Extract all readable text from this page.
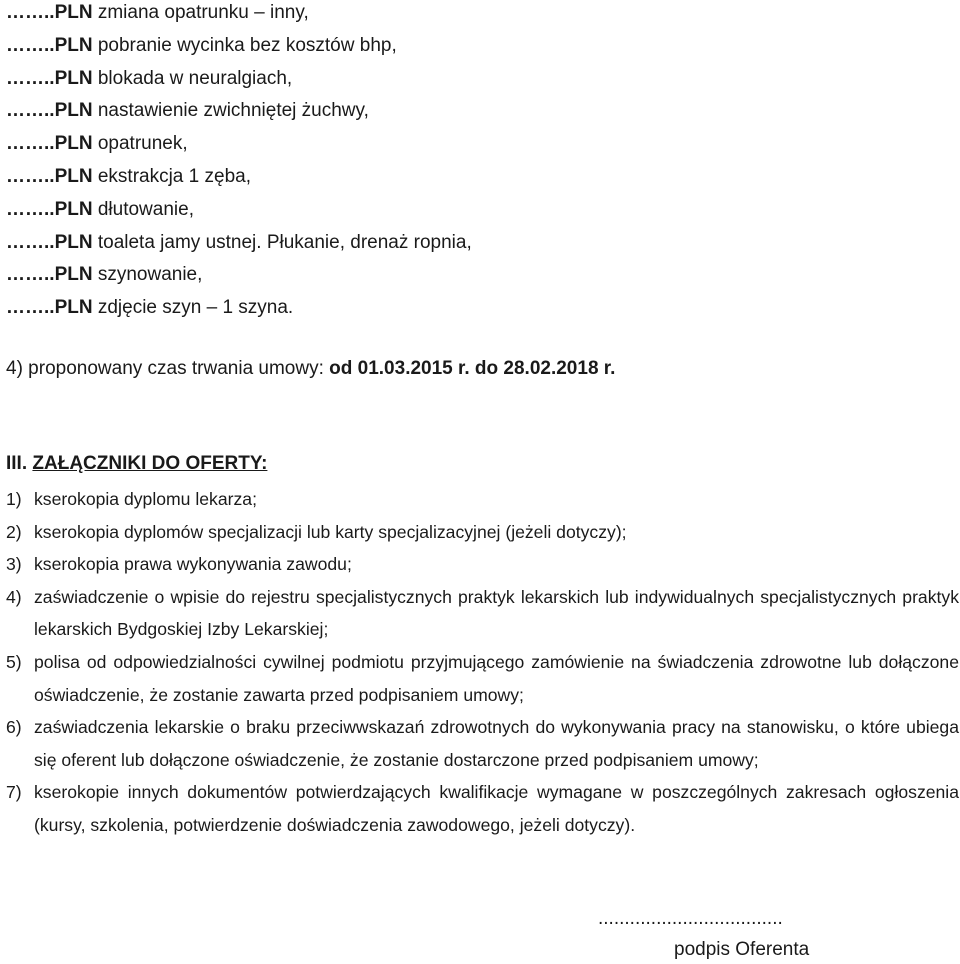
……..PLN zmiana opatrunku – inny,
……..PLN pobranie wycinka bez kosztów bhp,
……..PLN blokada w neuralgiach,
……..PLN nastawienie zwichniętej żuchwy,
……..PLN opatrunek,
……..PLN ekstrakcja 1 zęba,
……..PLN dłutowanie,
……..PLN toaleta jamy ustnej. Płukanie, drenaż ropnia,
……..PLN szynowanie,
……..PLN zdjęcie szyn – 1 szyna.
4) proponowany czas trwania umowy: od 01.03.2015 r. do 28.02.2018 r.
III. ZAŁĄCZNIKI DO OFERTY:
1) kserokopia dyplomu lekarza;
2) kserokopia dyplomów specjalizacji lub karty specjalizacyjnej (jeżeli dotyczy);
3) kserokopia prawa wykonywania zawodu;
4) zaświadczenie o wpisie do rejestru specjalistycznych praktyk lekarskich lub indywidualnych specjalistycznych praktyk lekarskich Bydgoskiej Izby Lekarskiej;
5) polisa od odpowiedzialności cywilnej podmiotu przyjmującego zamówienie na świadczenia zdrowotne lub dołączone oświadczenie, że zostanie zawarta przed podpisaniem umowy;
6) zaświadczenia lekarskie o braku przeciwwskazań zdrowotnych do wykonywania pracy na stanowisku, o które ubiega się oferent lub dołączone oświadczenie, że zostanie dostarczone przed podpisaniem umowy;
7) kserokopie innych dokumentów potwierdzających kwalifikacje wymagane w poszczególnych zakresach ogłoszenia (kursy, szkolenia, potwierdzenie doświadczenia zawodowego, jeżeli dotyczy).
...................................
podpis Oferenta
